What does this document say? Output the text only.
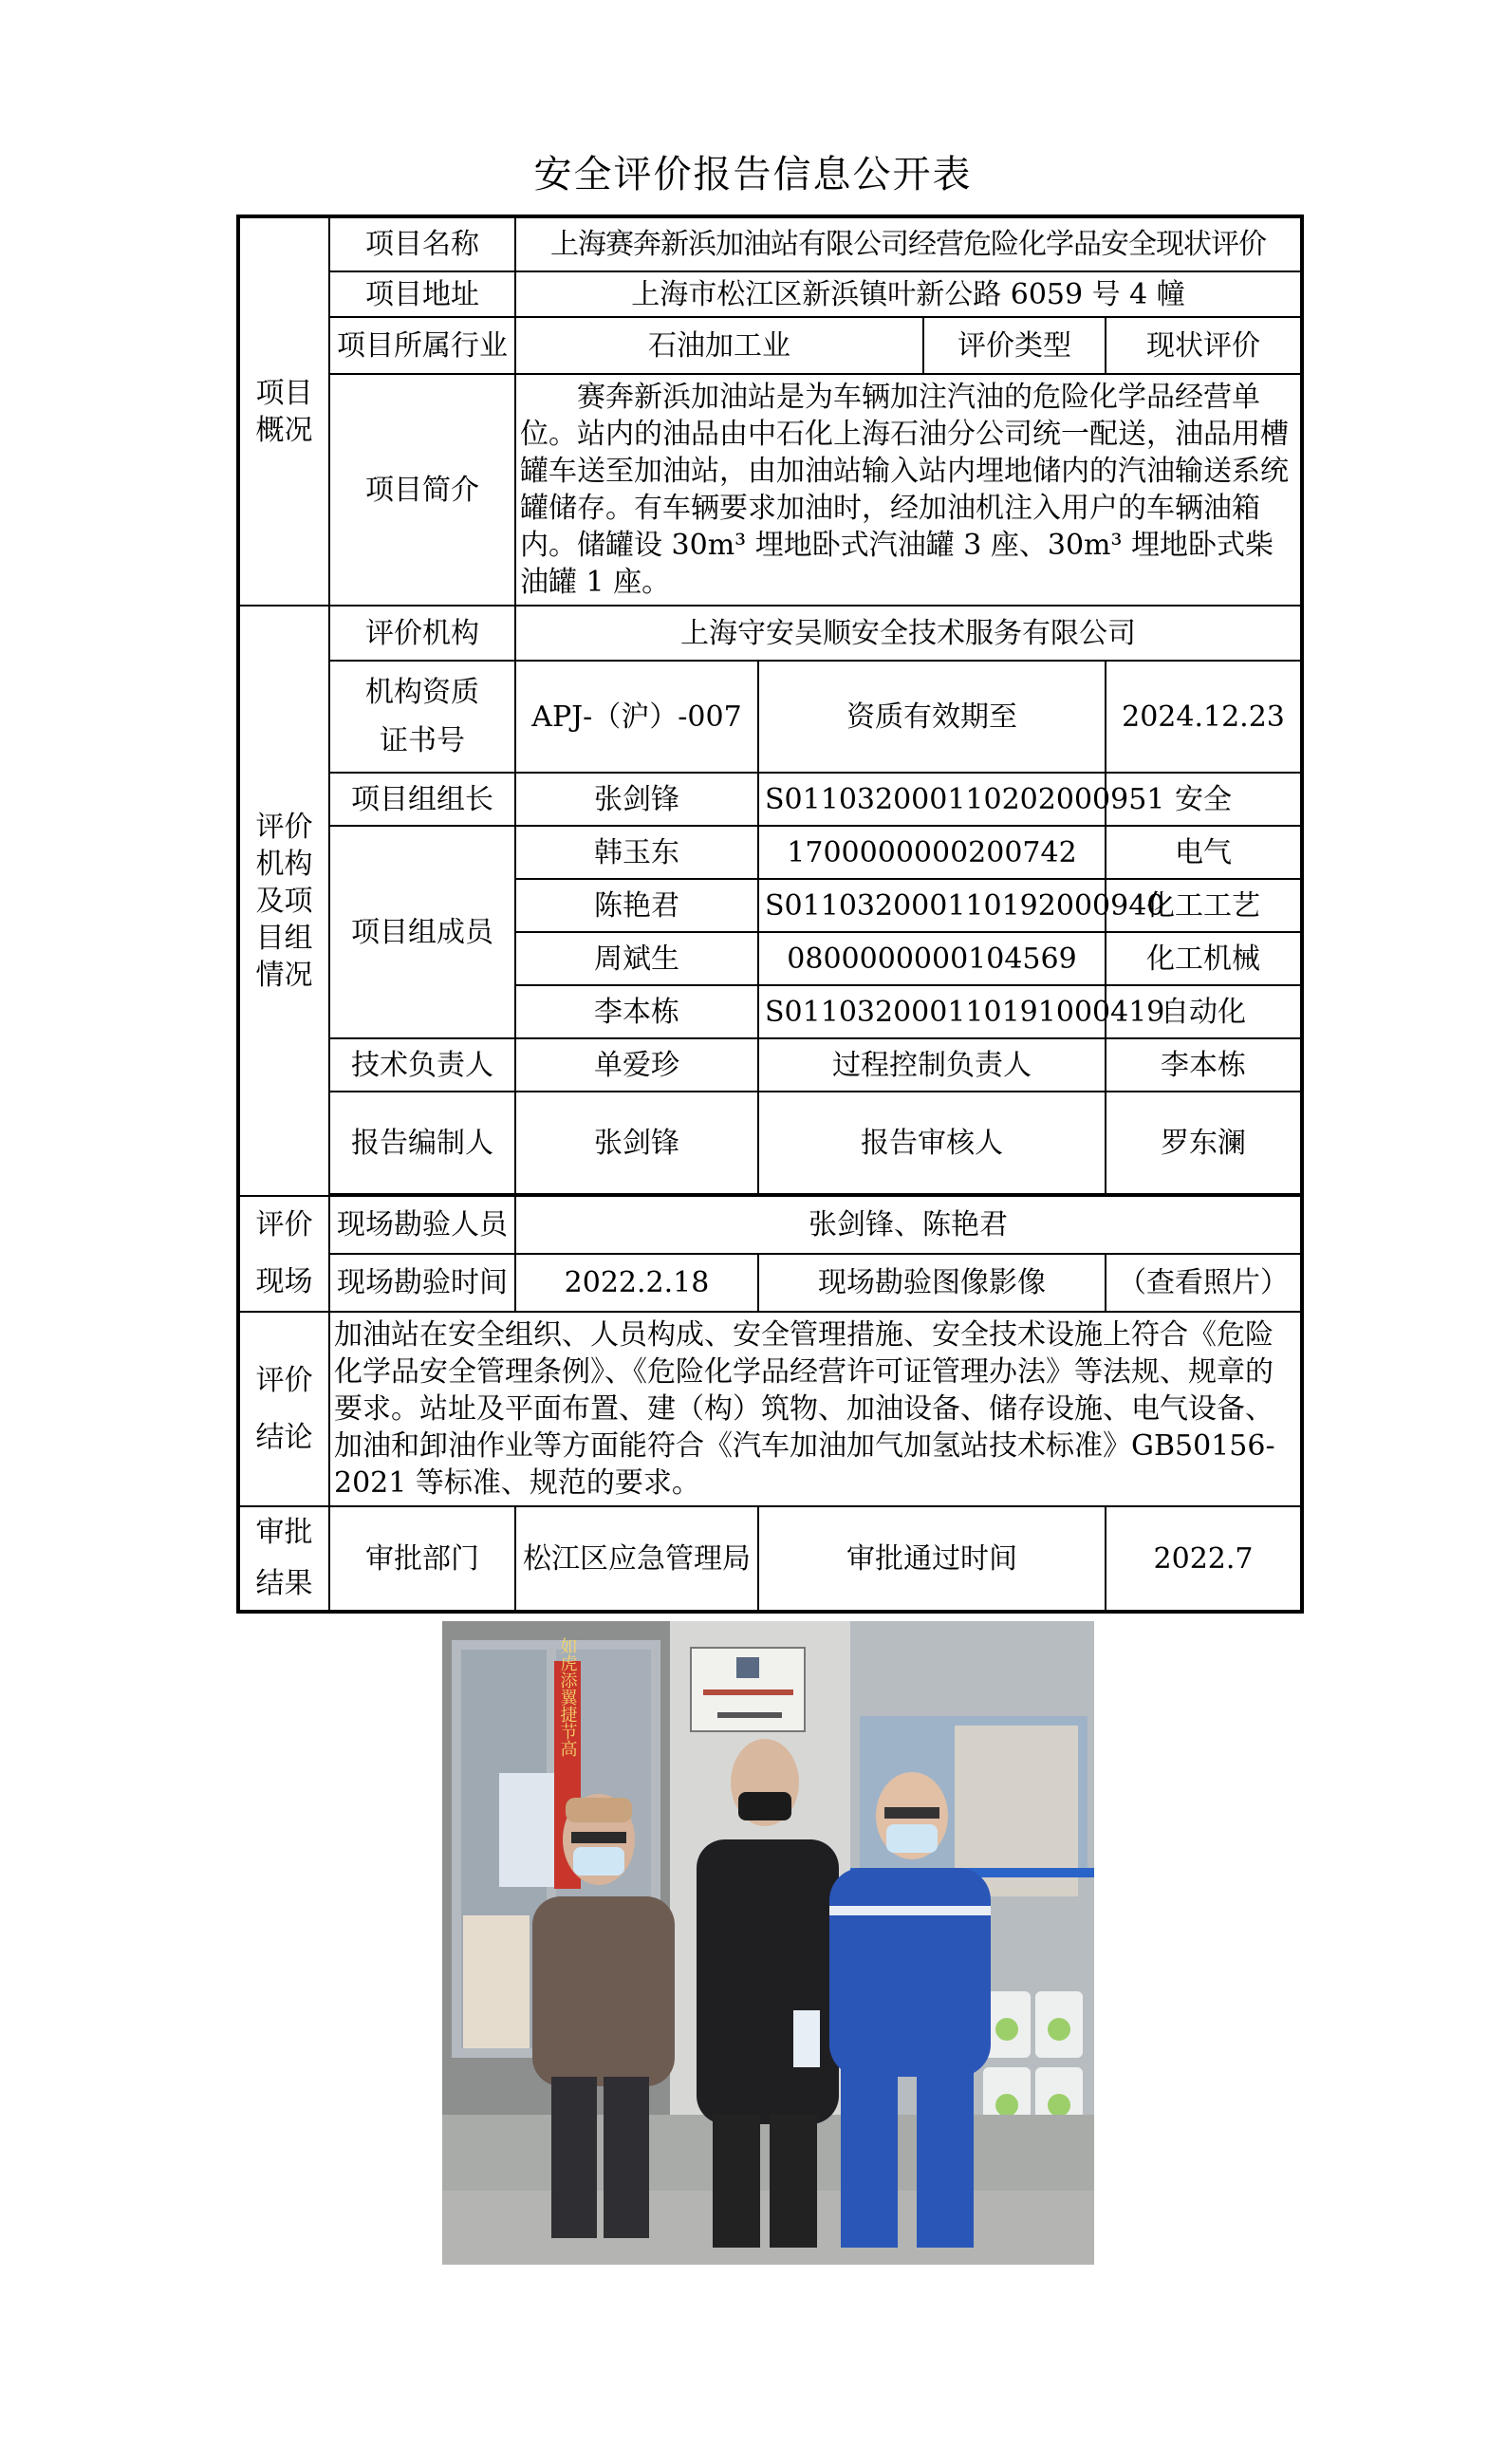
安全评价报告信息公开表
项目
概况	项目名称	上海赛奔新浜加油站有限公司经营危险化学品安全现状评价		
	项目地址	上海市松江区新浜镇叶新公路 6059 号 4 幢		
	项目所属行业	石油加工业 评价类型		现状评价
	项目简介	赛奔新浜加油站是为车辆加注汽油的危险化学品经营单位。站内的油品由中石化上海石油分公司统一配送，油品用槽罐车送至加油站，由加油站输入站内埋地储内的汽油输送系统罐储存。有车辆要求加油时，经加油机注入用户的车辆油箱内。储罐设 30m³ 埋地卧式汽油罐 3 座、30m³ 埋地卧式柴油罐 1 座。		
评价
机构
及项
目组
情况	评价机构	上海守安吴顺安全技术服务有限公司		
	机构资质
证书号	APJ-（沪）-007	资质有效期至	2024.12.23
	项目组组长	张剑锋	S011032000110202000951	安全
	项目组成员	韩玉东	1700000000200742	电气
		陈艳君	S011032000110192000940	化工工艺
		周斌生	0800000000104569	化工机械
		李本栋	S011032000110191000419	自动化
	技术负责人	单爱珍	过程控制负责人	李本栋
	报告编制人	张剑锋	报告审核人	罗东澜

评价
现场	现场勘验人员	张剑锋、陈艳君		
	现场勘验时间	2022.2.18	现场勘验图像影像	（查看照片）
评价
结论	加油站在安全组织、人员构成、安全管理措施、安全技术设施上符合《危险化学品安全管理条例》、《危险化学品经营许可证管理办法》等法规、规章的要求。站址及平面布置、建（构）筑物、加油设备、储存设施、电气设备、加油和卸油作业等方面能符合《汽车加油加气加氢站技术标准》GB50156-2021 等标准、规范的要求。			
审批
结果	审批部门	松江区应急管理局	审批通过时间	2022.7
如虎添翼捷节高
